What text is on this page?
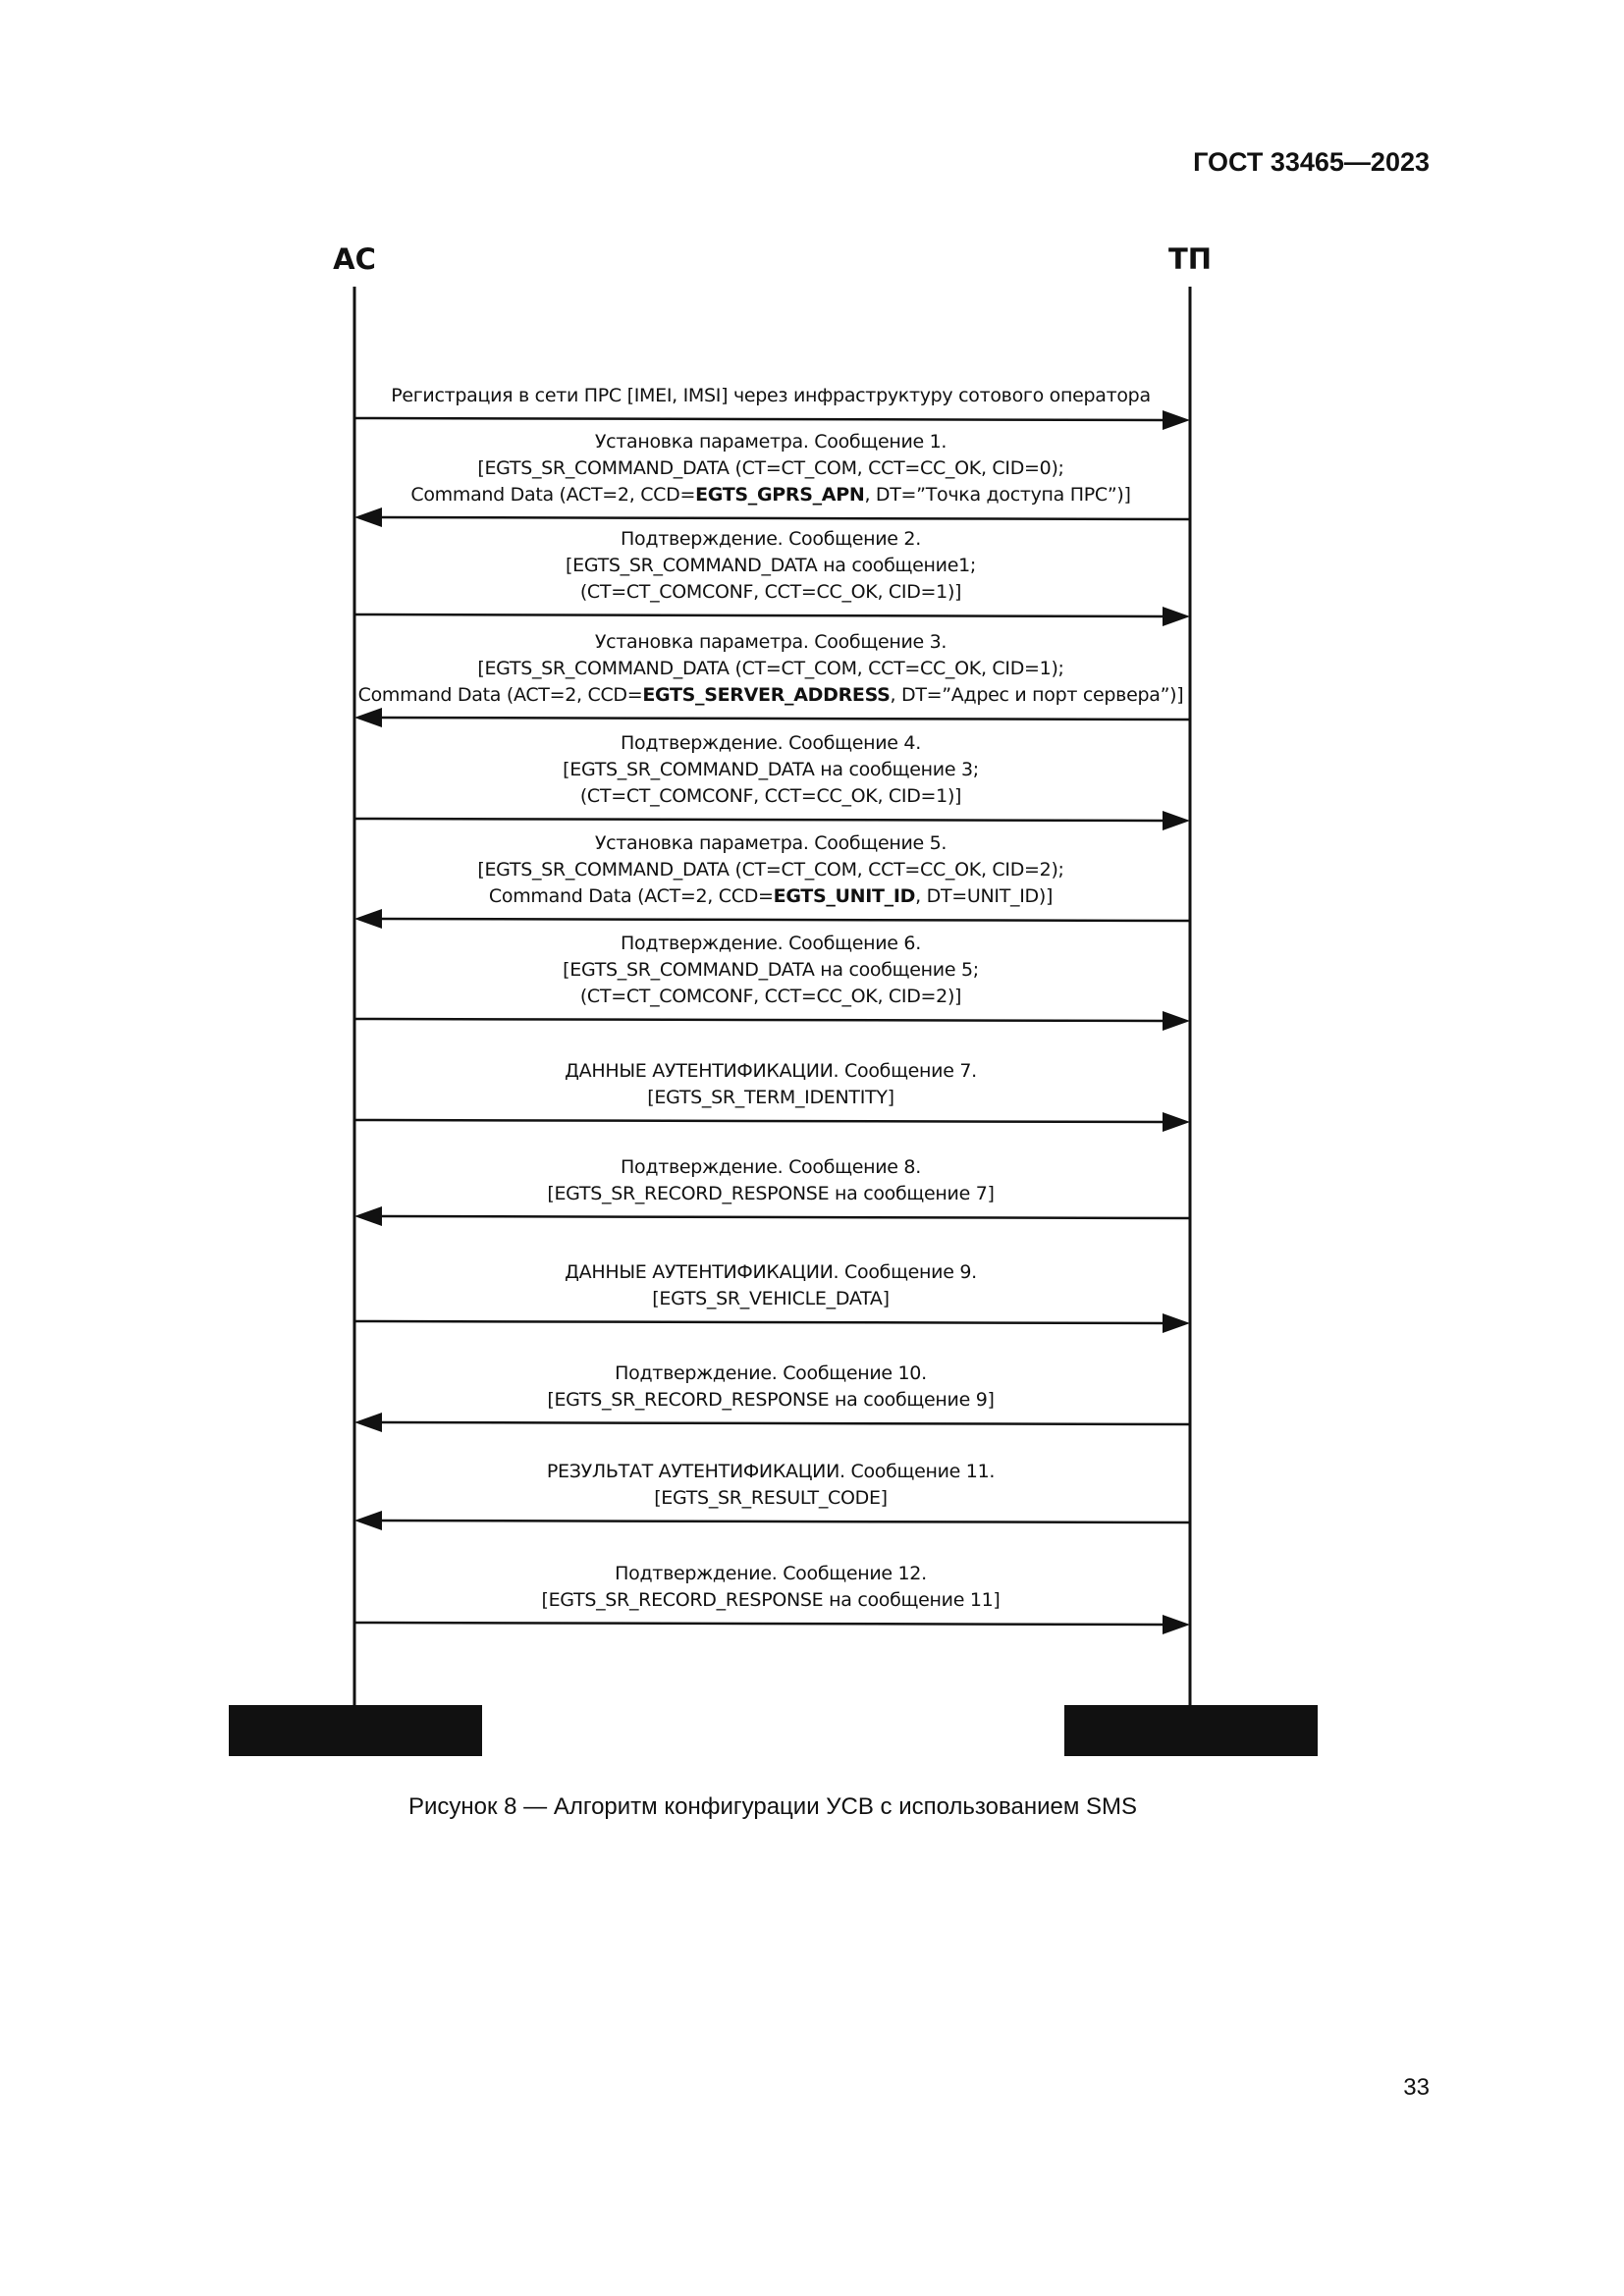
ГОСТ 33465—2023
АС	ТП
Регистрация в сети ПРС [IMEI, IMSI] через инфраструктуру сотового оператора
Установка параметра. Сообщение 1.
[EGTS_SR_COMMAND_DATA (CT=CT_COM, CCT=CC_OK, CID=0);
Command Data (ACT=2, CCD=EGTS_GPRS_APN, DT=”Точка доступа ПРС”)]
Подтверждение. Сообщение 2.
[EGTS_SR_COMMAND_DATA на сообщение1;
(CT=CT_COMCONF, CCT=CC_OK, CID=1)]
Установка параметра. Сообщение 3.
[EGTS_SR_COMMAND_DATA (CT=CT_COM, CCT=CC_OK, CID=1);
Command Data (ACT=2, CCD=EGTS_SERVER_ADDRESS, DT=”Адрес и порт сервера”)]
Подтверждение. Сообщение 4.
[EGTS_SR_COMMAND_DATA на сообщение 3;
(CT=CT_COMCONF, CCT=CC_OK, CID=1)]
Установка параметра. Сообщение 5.
[EGTS_SR_COMMAND_DATA (CT=CT_COM, CCT=CC_OK, CID=2);
Command Data (ACT=2, CCD=EGTS_UNIT_ID, DT=UNIT_ID)]
Подтверждение. Сообщение 6.
[EGTS_SR_COMMAND_DATA на сообщение 5;
(CT=CT_COMCONF, CCT=CC_OK, CID=2)]
ДАННЫЕ АУТЕНТИФИКАЦИИ. Сообщение 7.
[EGTS_SR_TERM_IDENTITY]
Подтверждение. Сообщение 8.
[EGTS_SR_RECORD_RESPONSE на сообщение 7]
ДАННЫЕ АУТЕНТИФИКАЦИИ. Сообщение 9.
[EGTS_SR_VEHICLE_DATA]
Подтверждение. Сообщение 10.
[EGTS_SR_RECORD_RESPONSE на сообщение 9]
РЕЗУЛЬТАТ АУТЕНТИФИКАЦИИ. Сообщение 11.
[EGTS_SR_RESULT_CODE]
Подтверждение. Сообщение 12.
[EGTS_SR_RECORD_RESPONSE на сообщение 11]
Рисунок 8 — Алгоритм конфигурации УСВ с использованием SMS
33
